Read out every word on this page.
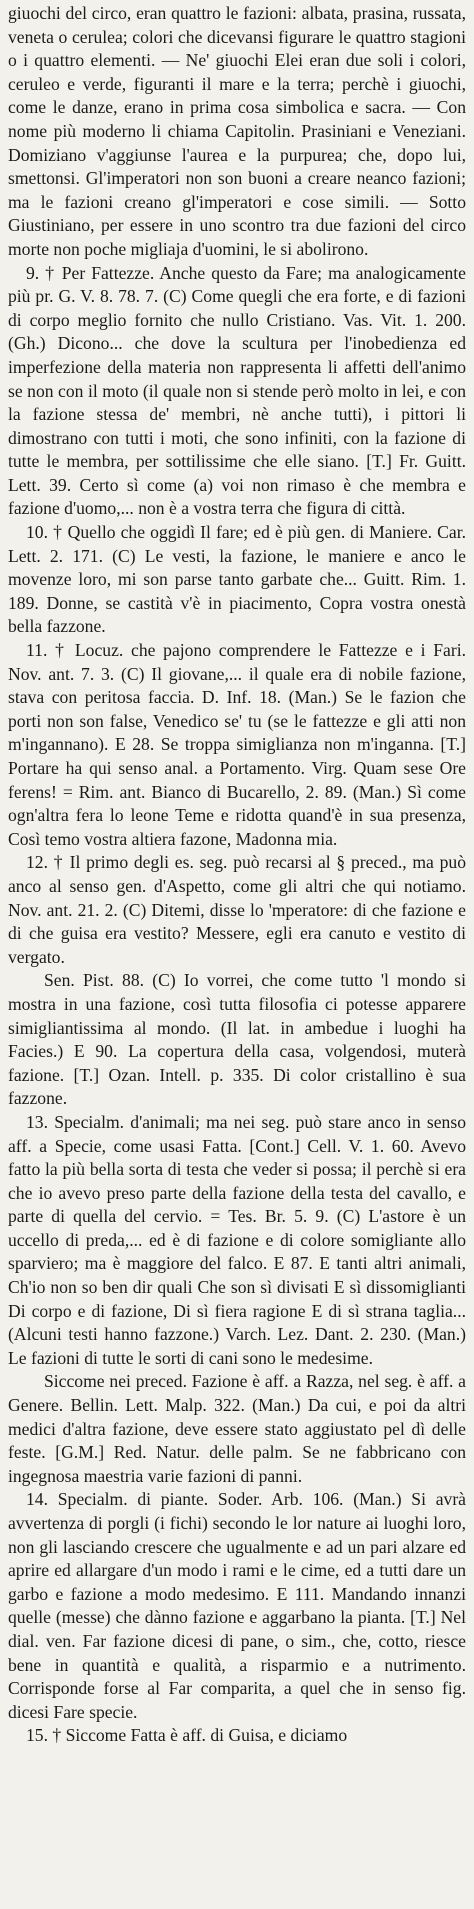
giuochi del circo, eran quattro le fazioni: albata, prasina, russata, veneta o cerulea; colori che dicevansi figurare le quattro stagioni o i quattro elementi. — Ne' giuochi Elei eran due soli i colori, ceruleo e verde, figuranti il mare e la terra; perchè i giuochi, come le danze, erano in prima cosa simbolica e sacra. — Con nome più moderno li chiama Capitolin. Prasiniani e Veneziani. Domiziano v'aggiunse l'aurea e la purpurea; che, dopo lui, smettonsi. Gl'imperatori non son buoni a creare neanco fazioni; ma le fazioni creano gl'imperatori e cose simili. — Sotto Giustiniano, per essere in uno scontro tra due fazioni del circo morte non poche migliaja d'uomini, le si abolirono.

9. † Per Fattezze. Anche questo da Fare; ma analogicamente più pr. G. V. 8. 78. 7. (C) Come quegli che era forte, e di fazioni di corpo meglio fornito che nullo Cristiano. Vas. Vit. 1. 200. (Gh.) Dicono... che dove la scultura per l'inobedienza ed imperfezione della materia non rappresenta li affetti dell'animo se non con il moto (il quale non si stende però molto in lei, e con la fazione stessa de' membri, nè anche tutti), i pittori li dimostrano con tutti i moti, che sono infiniti, con la fazione di tutte le membra, per sottilissime che elle siano. [T.] Fr. Guitt. Lett. 39. Certo sì come (a) voi non rimaso è che membra e fazione d'uomo,... non è a vostra terra che figura di città.

10. † Quello che oggidì Il fare; ed è più gen. di Maniere. Car. Lett. 2. 171. (C) Le vesti, la fazione, le maniere e anco le movenze loro, mi son parse tanto garbate che... Guitt. Rim. 1. 189. Donne, se castità v'è in piacimento, Copra vostra onestà bella fazzone.

11. † Locuz. che pajono comprendere le Fattezze e i Fari. Nov. ant. 7. 3. (C) Il giovane,... il quale era di nobile fazione, stava con peritosa faccia. D. Inf. 18. (Man.) Se le fazion che porti non son false, Venedico se' tu (se le fattezze e gli atti non m'ingannano). E 28. Se troppa simiglianza non m'inganna. [T.] Portare ha qui senso anal. a Portamento. Virg. Quam sese Ore ferens! = Rim. ant. Bianco di Bucarello, 2. 89. (Man.) Sì come ogn'altra fera lo leone Teme e ridotta quand'è in sua presenza, Così temo vostra altiera fazone, Madonna mia.

12. † Il primo degli es. seg. può recarsi al § preced., ma può anco al senso gen. d'Aspetto, come gli altri che qui notiamo. Nov. ant. 21. 2. (C) Ditemi, disse lo 'mperatore: di che fazione e di che guisa era vestito? Messere, egli era canuto e vestito di vergato.

Sen. Pist. 88. (C) Io vorrei, che come tutto 'l mondo si mostra in una fazione, così tutta filosofia ci potesse apparere simigliantissima al mondo. (Il lat. in ambedue i luoghi ha Facies.) E 90. La copertura della casa, volgendosi, muterà fazione. [T.] Ozan. Intell. p. 335. Di color cristallino è sua fazzone.

13. Specialm. d'animali; ma nei seg. può stare anco in senso aff. a Specie, come usasi Fatta. [Cont.] Cell. V. 1. 60. Avevo fatto la più bella sorta di testa che veder si possa; il perchè si era che io avevo preso parte della fazione della testa del cavallo, e parte di quella del cervio. = Tes. Br. 5. 9. (C) L'astore è un uccello di preda,... ed è di fazione e di colore somigliante allo sparviero; ma è maggiore del falco. E 87. E tanti altri animali, Ch'io non so ben dir quali Che son sì divisati E sì dissomiglianti Di corpo e di fazione, Di sì fiera ragione E di sì strana taglia... (Alcuni testi hanno fazzone.) Varch. Lez. Dant. 2. 230. (Man.) Le fazioni di tutte le sorti di cani sono le medesime.

Siccome nei preced. Fazione è aff. a Razza, nel seg. è aff. a Genere. Bellin. Lett. Malp. 322. (Man.) Da cui, e poi da altri medici d'altra fazione, deve essere stato aggiustato pel dì delle feste. [G.M.] Red. Natur. delle palm. Se ne fabbricano con ingegnosa maestria varie fazioni di panni.

14. Specialm. di piante. Soder. Arb. 106. (Man.) Si avrà avvertenza di porgli (i fichi) secondo le lor nature ai luoghi loro, non gli lasciando crescere che ugualmente e ad un pari alzare ed aprire ed allargare d'un modo i rami e le cime, ed a tutti dare un garbo e fazione a modo medesimo. E 111. Mandando innanzi quelle (messe) che dànno fazione e aggarbano la pianta. [T.] Nel dial. ven. Far fazione dicesi di pane, o sim., che, cotto, riesce bene in quantità e qualità, a risparmio e a nutrimento. Corrisponde forse al Far comparita, a quel che in senso fig. dicesi Fare specie.

15. † Siccome Fatta è aff. di Guisa, e diciamo
